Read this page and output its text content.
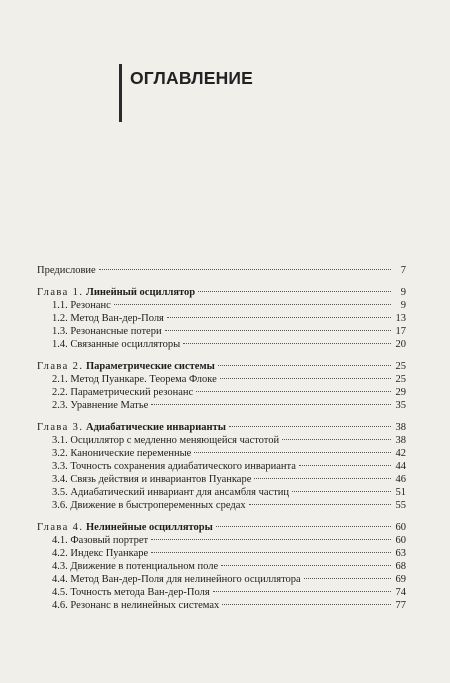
ОГЛАВЛЕНИЕ
Предисловие	7
Глава 1. Линейный осциллятор	9
1.1. Резонанс	9
1.2. Метод Ван-дер-Поля	13
1.3. Резонансные потери	17
1.4. Связанные осцилляторы	20
Глава 2. Параметрические системы	25
2.1. Метод Пуанкаре. Теорема Флоке	25
2.2. Параметрический резонанс	29
2.3. Уравнение Матье	35
Глава 3. Адиабатические инварианты	38
3.1. Осциллятор с медленно меняющейся частотой	38
3.2. Канонические переменные	42
3.3. Точность сохранения адиабатического инварианта	44
3.4. Связь действия и инвариантов Пуанкаре	46
3.5. Адиабатический инвариант для ансамбля частиц	51
3.6. Движение в быстропеременных средах	55
Глава 4. Нелинейные осцилляторы	60
4.1. Фазовый портрет	60
4.2. Индекс Пуанкаре	63
4.3. Движение в потенциальном поле	68
4.4. Метод Ван-дер-Поля для нелинейного осциллятора	69
4.5. Точность метода Ван-дер-Поля	74
4.6. Резонанс в нелинейных системах	77
